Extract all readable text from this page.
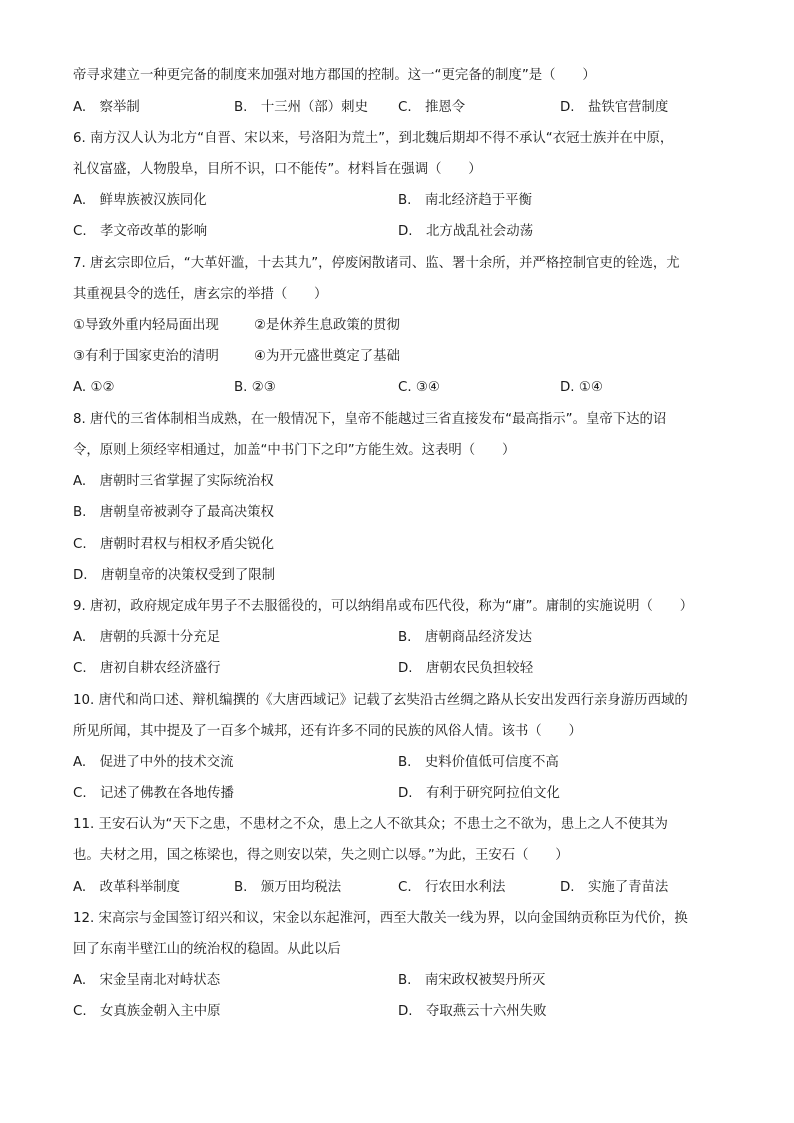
帝寻求建立一种更完备的制度来加强对地方郡国的控制。这一“更完备的制度”是（　　）
A.　察举制	B.　十三州（部）刺史 C.　推恩令	D.　盐铁官营制度
6. 南方汉人认为北方“自晋、宋以来，号洛阳为荒土”，到北魏后期却不得不承认“衣冠士族并在中原，
礼仪富盛，人物殷阜，目所不识，口不能传”。材料旨在强调（　　）
A.　鲜卑族被汉族同化	B.　南北经济趋于平衡
C.　孝文帝改革的影响	D.　北方战乱社会动荡
7. 唐玄宗即位后，“大革奸滥，十去其九”，停废闲散诸司、监、署十余所，并严格控制官吏的铨选，尤
其重视县令的选任，唐玄宗的举措（　　）
①导致外重内轻局面出现	②是休养生息政策的贯彻
③有利于国家吏治的清明	④为开元盛世奠定了基础
A. ①②	B. ②③	C. ③④	D. ①④
8. 唐代的三省体制相当成熟，在一般情况下，皇帝不能越过三省直接发布“最高指示”。皇帝下达的诏
令，原则上须经宰相通过，加盖“中书门下之印”方能生效。这表明（　　）
A.　唐朝时三省掌握了实际统治权
B.　唐朝皇帝被剥夺了最高决策权
C.　唐朝时君权与相权矛盾尖锐化
D.　唐朝皇帝的决策权受到了限制
9. 唐初，政府规定成年男子不去服徭役的，可以纳绢帛或布匹代役，称为“庸”。庸制的实施说明（　　）
A.　唐朝的兵源十分充足	B.　唐朝商品经济发达
C.　唐初自耕农经济盛行	D.　唐朝农民负担较轻
10. 唐代和尚口述、辩机编撰的《大唐西域记》记载了玄奘沿古丝绸之路从长安出发西行亲身游历西域的
所见所闻，其中提及了一百多个城邦，还有许多不同的民族的风俗人情。该书（　　）
A.　促进了中外的技术交流	B.　史料价值低可信度不高
C.　记述了佛教在各地传播	D.　有利于研究阿拉伯文化
11. 王安石认为“天下之患，不患材之不众，患上之人不欲其众；不患士之不欲为，患上之人不使其为
也。夫材之用，国之栋梁也，得之则安以荣，失之则亡以辱。”为此，王安石（　　）
A.　改革科举制度	B.　颁万田均税法	C.　行农田水利法	D.　实施了青苗法
12. 宋高宗与金国签订绍兴和议，宋金以东起淮河，西至大散关一线为界，以向金国纳贡称臣为代价，换
回了东南半壁江山的统治权的稳固。从此以后
A.　宋金呈南北对峙状态	B.　南宋政权被契丹所灭
C.　女真族金朝入主中原	D.　夺取燕云十六州失败
